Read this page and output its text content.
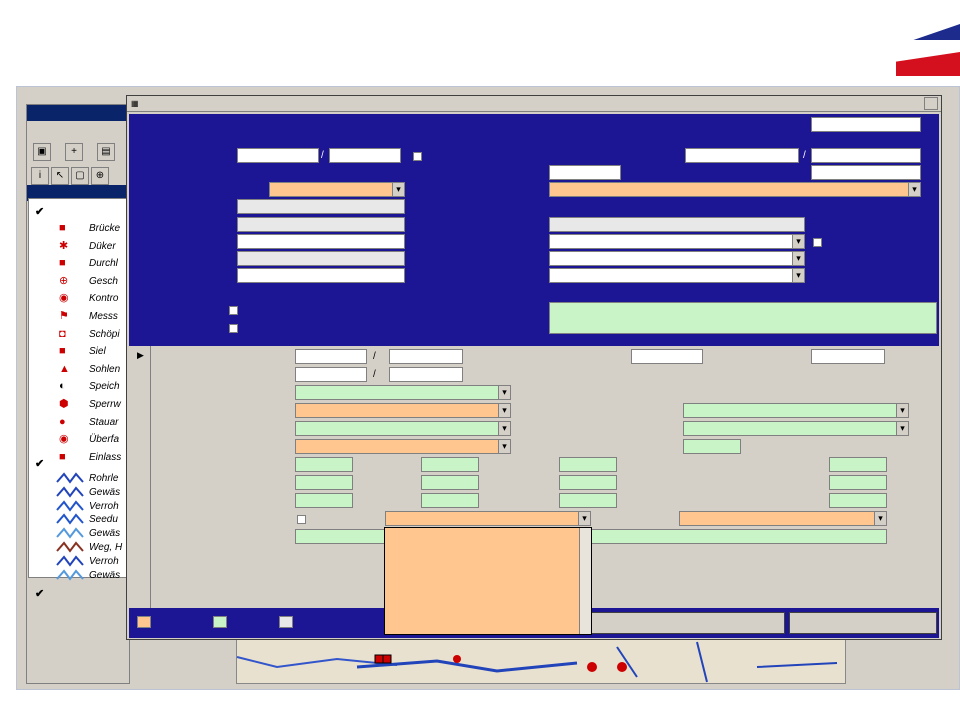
▣	+	▤
i	↖	▢	⊕
✔
■	Brücke
✱ Düker
■	Durchl
⊕ Gesch
◉ Kontro
⚑ Messs
◘	Schöpi
■	Siel
▲ Sohlen
◐	Speich
⬢ Sperrw
●	Stauar
◉ Überfa
■	Einlass
✔
Rohrle
Gewäs
Verroh
Seedu
Gewäs
Weg, H
Verroh
Gewäs
✔
▦
/	/
▾
▾
▾
▾
▾
▶	/
/
▾
▾
▾
▾
▾
▾
▾
▾
